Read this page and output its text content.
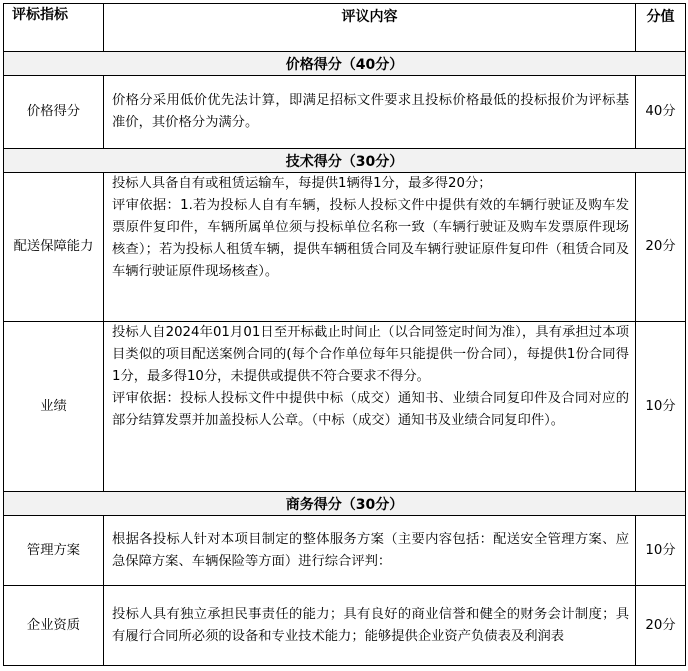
评标指标	评议内容	分值
价格得分（40分）		
价格得分	价格分采用低价优先法计算，即满足招标文件要求且投标价格最低的投标报价为评标基准价，其价格分为满分。	40分
技术得分（30分）		
配送保障能力	投标人具备自有或租赁运输车，每提供1辆得1分，最多得20分；

评审依据：1.若为投标人自有车辆，投标人投标文件中提供有效的车辆行驶证及购车发票原件复印件，车辆所属单位须与投标单位名称一致（车辆行驶证及购车发票原件现场核查）；若为投标人租赁车辆，提供车辆租赁合同及车辆行驶证原件复印件（租赁合同及车辆行驶证原件现场核查）。	20分
业绩	投标人自2024年01月01日至开标截止时间止（以合同签定时间为准），具有承担过本项目类似的项目配送案例合同的(每个合作单位每年只能提供一份合同），每提供1份合同得1分，最多得10分，未提供或提供不符合要求不得分。

评审依据：投标人投标文件中提供中标（成交）通知书、业绩合同复印件及合同对应的部分结算发票并加盖投标人公章。（中标（成交）通知书及业绩合同复印件）。	10分
商务得分（30分）		
管理方案	根据各投标人针对本项目制定的整体服务方案（主要内容包括：配送安全管理方案、应急保障方案、车辆保险等方面）进行综合评判：	10分
企业资质	投标人具有独立承担民事责任的能力；具有良好的商业信誉和健全的财务会计制度；具有履行合同所必须的设备和专业技术能力；能够提供企业资产负债表及利润表	20分
